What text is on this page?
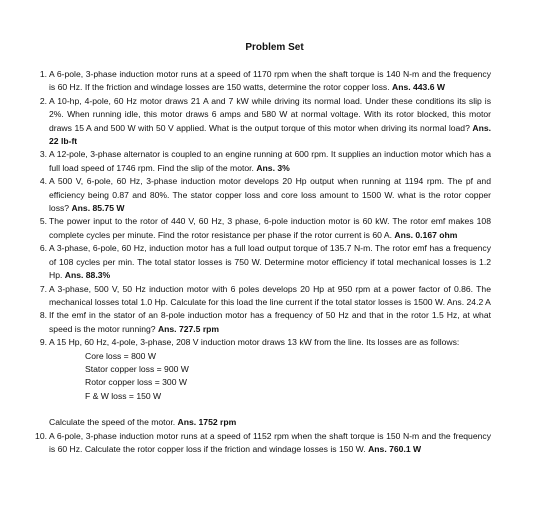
Problem Set
1. A 6-pole, 3-phase induction motor runs at a speed of 1170 rpm when the shaft torque is 140 N-m and the frequency is 60 Hz. If the friction and windage losses are 150 watts, determine the rotor copper loss. Ans. 443.6 W
2. A 10-hp, 4-pole, 60 Hz motor draws 21 A and 7 kW while driving its normal load. Under these conditions its slip is 2%. When running idle, this motor draws 6 amps and 580 W at normal voltage. With its rotor blocked, this motor draws 15 A and 500 W with 50 V applied. What is the output torque of this motor when driving its normal load? Ans. 22 lb-ft
3. A 12-pole, 3-phase alternator is coupled to an engine running at 600 rpm. It supplies an induction motor which has a full load speed of 1746 rpm. Find the slip of the motor. Ans. 3%
4. A 500 V, 6-pole, 60 Hz, 3-phase induction motor develops 20 Hp output when running at 1194 rpm. The pf and efficiency being 0.87 and 80%. The stator copper loss and core loss amount to 1500 W. what is the rotor copper loss? Ans. 85.75 W
5. The power input to the rotor of 440 V, 60 Hz, 3 phase, 6-pole induction motor is 60 kW. The rotor emf makes 108 complete cycles per minute. Find the rotor resistance per phase if the rotor current is 60 A. Ans. 0.167 ohm
6. A 3-phase, 6-pole, 60 Hz, induction motor has a full load output torque of 135.7 N-m. The rotor emf has a frequency of 108 cycles per min. The total stator losses is 750 W. Determine motor efficiency if total mechanical losses is 1.2 Hp. Ans. 88.3%
7. A 3-phase, 500 V, 50 Hz induction motor with 6 poles develops 20 Hp at 950 rpm at a power factor of 0.86. The mechanical losses total 1.0 Hp. Calculate for this load the line current if the total stator losses is 1500 W. Ans. 24.2 A
8. If the emf in the stator of an 8-pole induction motor has a frequency of 50 Hz and that in the rotor 1.5 Hz, at what speed is the motor running? Ans. 727.5 rpm
9. A 15 Hp, 60 Hz, 4-pole, 3-phase, 208 V induction motor draws 13 kW from the line. Its losses are as follows:
Core loss = 800 W
Stator copper loss = 900 W
Rotor copper loss = 300 W
F & W loss = 150 W
Calculate the speed of the motor. Ans. 1752 rpm
10. A 6-pole, 3-phase induction motor runs at a speed of 1152 rpm when the shaft torque is 150 N-m and the frequency is 60 Hz. Calculate the rotor copper loss if the friction and windage losses is 150 W. Ans. 760.1 W
